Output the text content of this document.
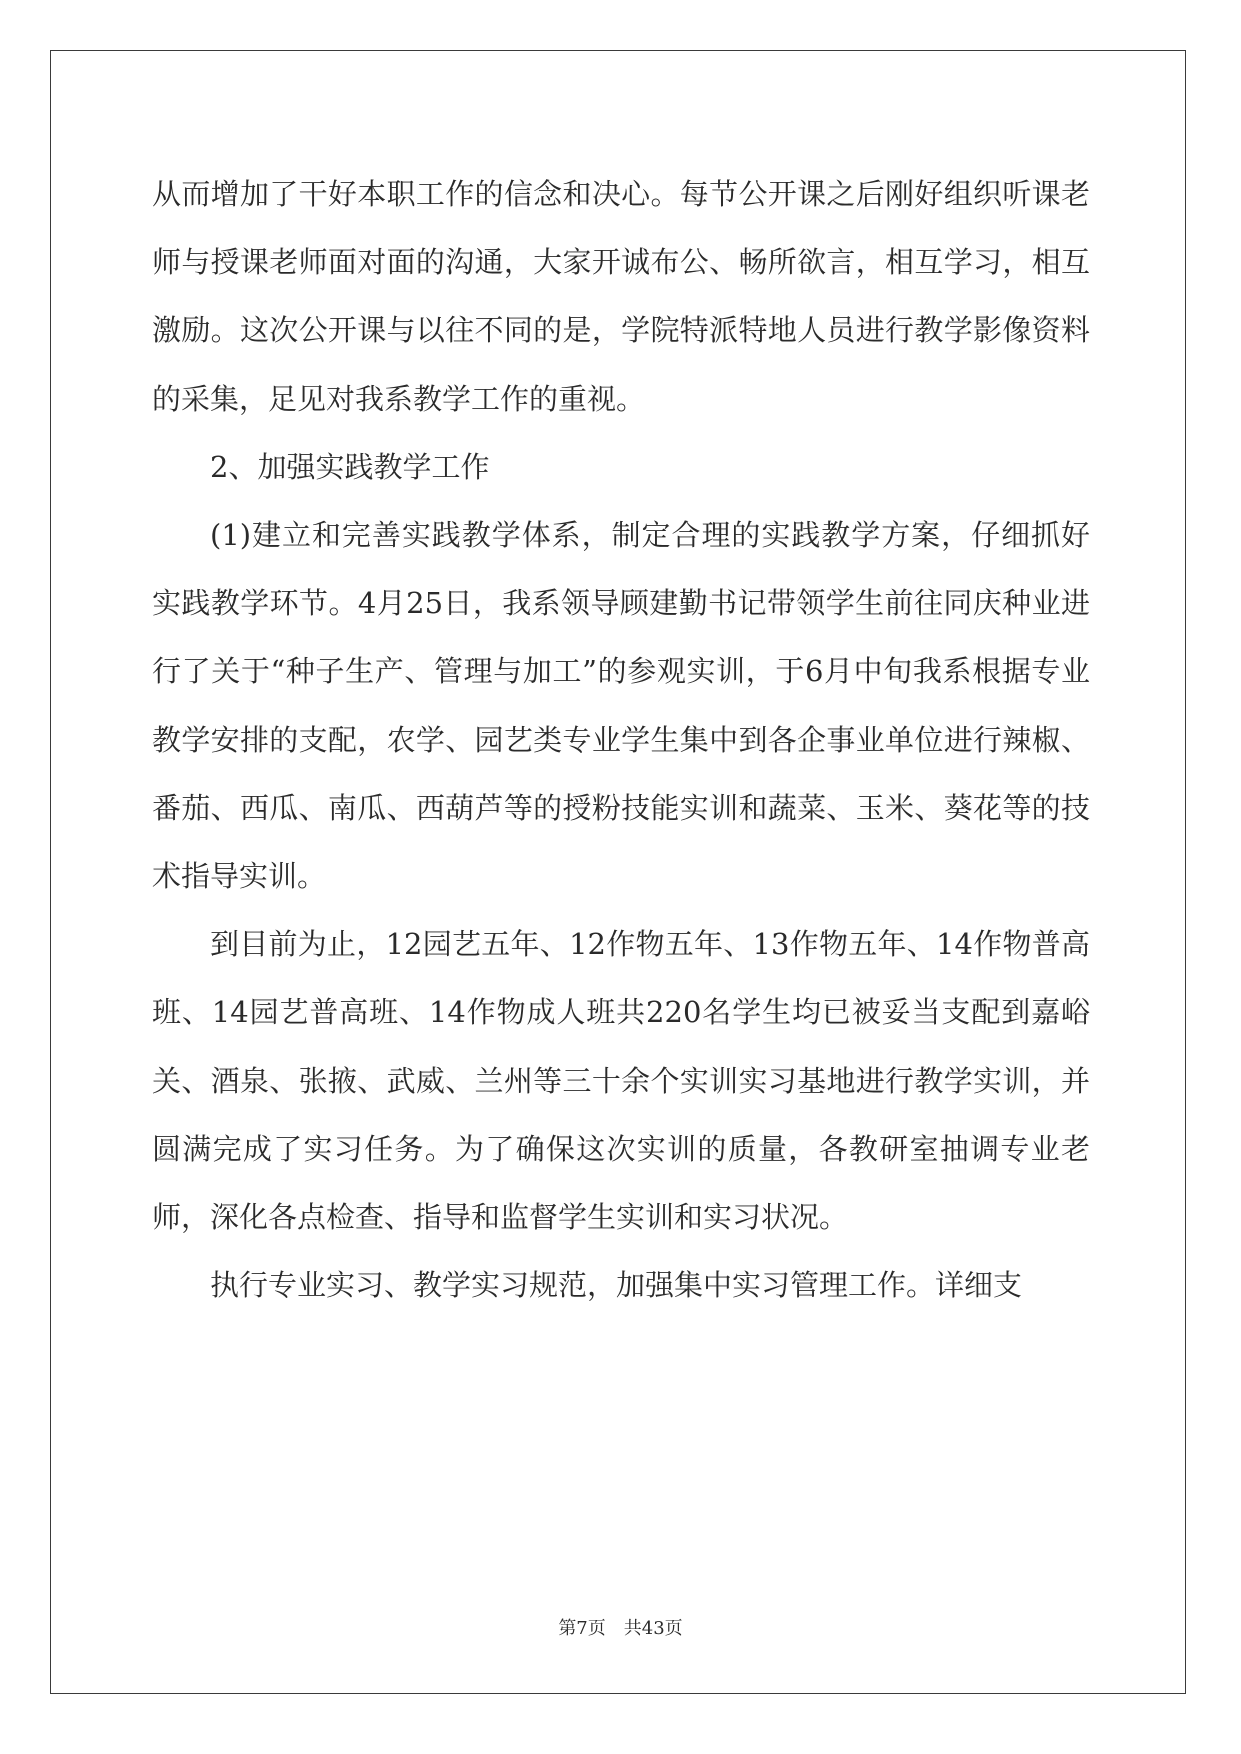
从而增加了干好本职工作的信念和决心。每节公开课之后刚好组织听课老师与授课老师面对面的沟通，大家开诚布公、畅所欲言，相互学习，相互激励。这次公开课与以往不同的是，学院特派特地人员进行教学影像资料的采集，足见对我系教学工作的重视。

2、加强实践教学工作

(1)建立和完善实践教学体系，制定合理的实践教学方案，仔细抓好实践教学环节。4月25日，我系领导顾建勤书记带领学生前往同庆种业进行了关于“种子生产、管理与加工”的参观实训，于6月中旬我系根据专业教学安排的支配，农学、园艺类专业学生集中到各企事业单位进行辣椒、番茄、西瓜、南瓜、西葫芦等的授粉技能实训和蔬菜、玉米、葵花等的技术指导实训。

到目前为止，12园艺五年、12作物五年、13作物五年、14作物普高班、14园艺普高班、14作物成人班共220名学生均已被妥当支配到嘉峪关、酒泉、张掖、武威、兰州等三十余个实训实习基地进行教学实训，并圆满完成了实习任务。为了确保这次实训的质量，各教研室抽调专业老师，深化各点检查、指导和监督学生实训和实习状况。

执行专业实习、教学实习规范，加强集中实习管理工作。详细支

第7页　共43页
